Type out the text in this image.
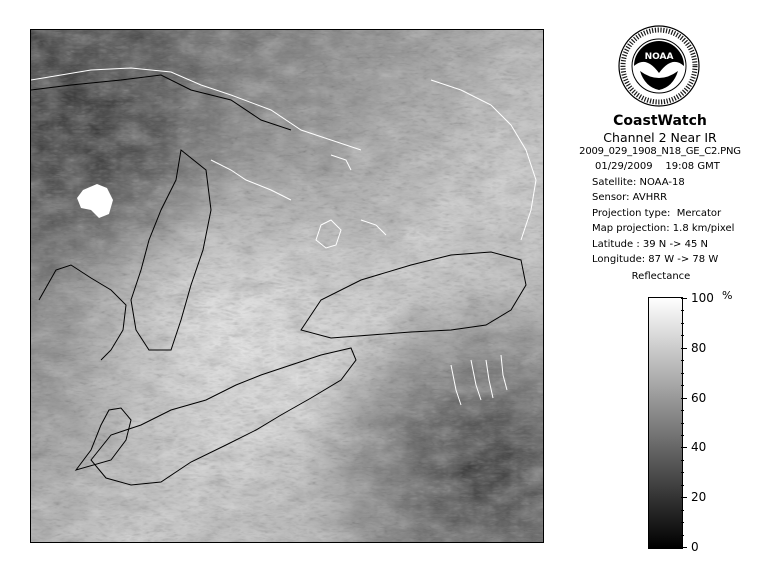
NOAA
CoastWatch
Channel 2 Near IR
2009_029_1908_N18_GE_C2.PNG
01/29/2009    19:08 GMT
Satellite: NOAA-18
Sensor: AVHRR
Projection type:  Mercator
Map projection: 1.8 km/pixel
Latitude : 39 N -> 45 N
Longitude: 87 W -> 78 W
Reflectance
%
100
80
60
40
20
0
